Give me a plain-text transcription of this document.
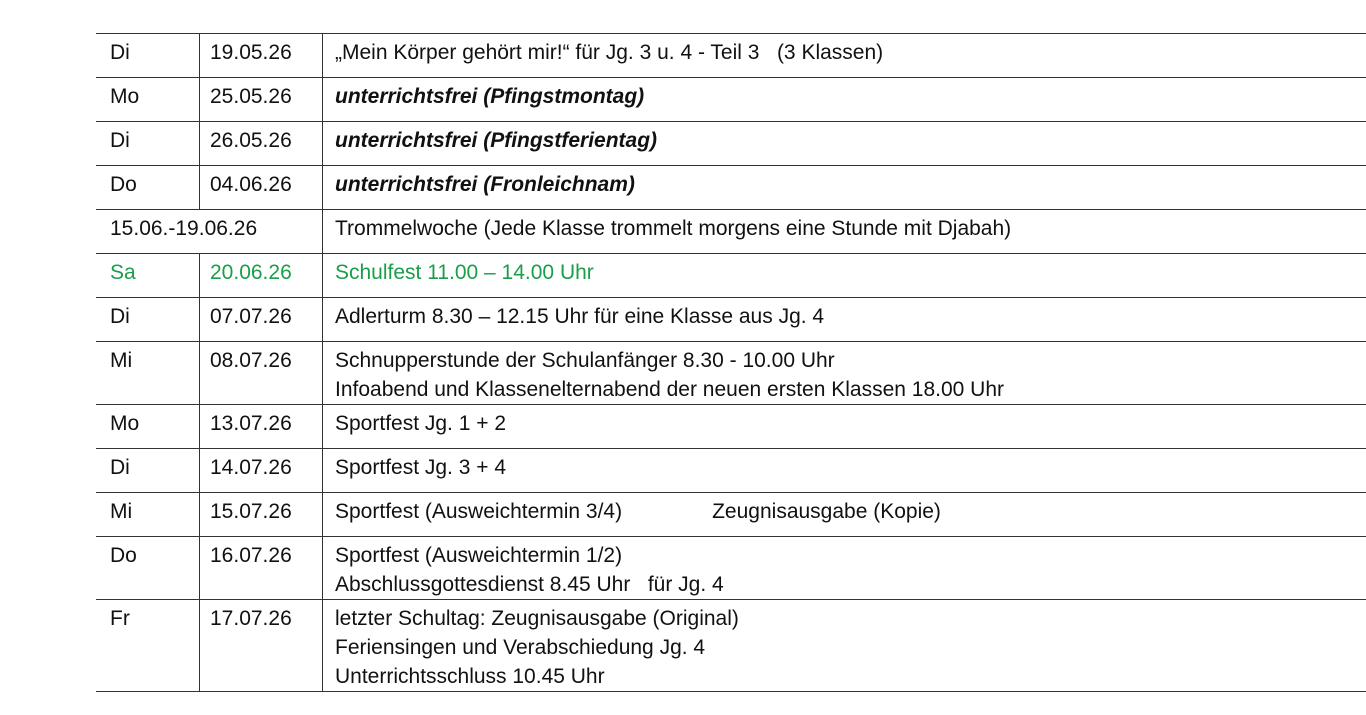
Di	19.05.26	„Mein Körper gehört mir!“ für Jg. 3 u. 4 - Teil 3   (3 Klassen)

Mo	25.05.26	unterrichtsfrei (Pfingstmontag)

Di	26.05.26	unterrichtsfrei (Pfingstferientag)

Do	04.06.26	unterrichtsfrei (Fronleichnam)

15.06.-19.06.26		Trommelwoche (Jede Klasse trommelt morgens eine Stunde mit Djabah)

Sa	20.06.26	Schulfest 11.00 – 14.00 Uhr

Di	07.07.26	Adlerturm 8.30 – 12.15 Uhr für eine Klasse aus Jg. 4

Mi	08.07.26	Schnupperstunde der Schulanfänger 8.30 - 10.00 Uhr
Infoabend und Klassenelternabend der neuen ersten Klassen 18.00 Uhr

Mo	13.07.26	Sportfest Jg. 1 + 2

Di	14.07.26	Sportfest Jg. 3 + 4

Mi	15.07.26	Sportfest (Ausweichtermin 3/4) Zeugnisausgabe (Kopie)

Do	16.07.26	Sportfest (Ausweichtermin 1/2)
Abschlussgottesdienst 8.45 Uhr   für Jg. 4

Fr	17.07.26	letzter Schultag: Zeugnisausgabe (Original)
Feriensingen und Verabschiedung Jg. 4
Unterrichtsschluss 10.45 Uhr
